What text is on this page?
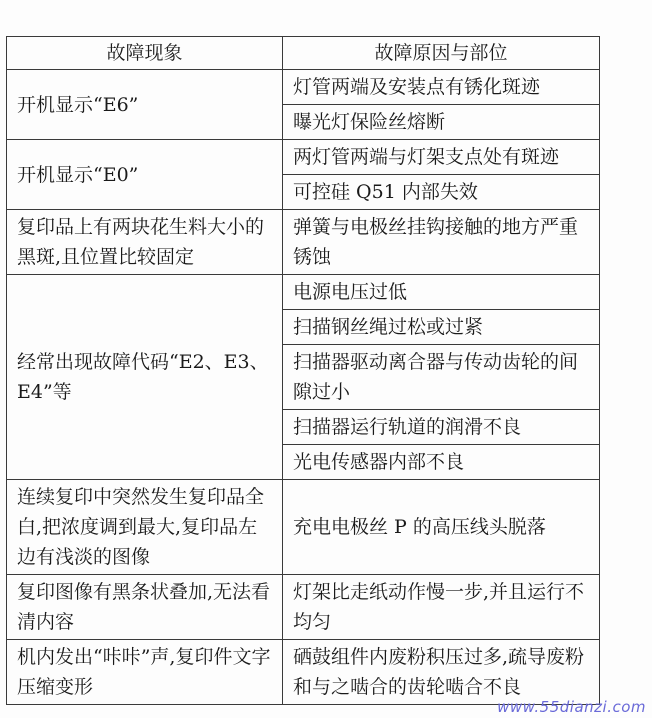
故障现象	故障原因与部位
开机显示“E6”	灯管两端及安装点有锈化斑迹
	曝光灯保险丝熔断
开机显示“E0”	两灯管两端与灯架支点处有斑迹
	可控硅 Q51 内部失效
复印品上有两块花生料大小的黑斑,且位置比较固定	弹簧与电极丝挂钩接触的地方严重锈蚀
经常出现故障代码“E2、E3、E4”等	电源电压过低
	扫描钢丝绳过松或过紧
	扫描器驱动离合器与传动齿轮的间隙过小
	扫描器运行轨道的润滑不良
	光电传感器内部不良
连续复印中突然发生复印品全白,把浓度调到最大,复印品左边有浅淡的图像	充电电极丝 P 的高压线头脱落
复印图像有黑条状叠加,无法看清内容	灯架比走纸动作慢一步,并且运行不均匀
机内发出“咔咔”声,复印件文字压缩变形	硒鼓组件内废粉积压过多,疏导废粉和与之啮合的齿轮啮合不良
www.55dianzi.com
